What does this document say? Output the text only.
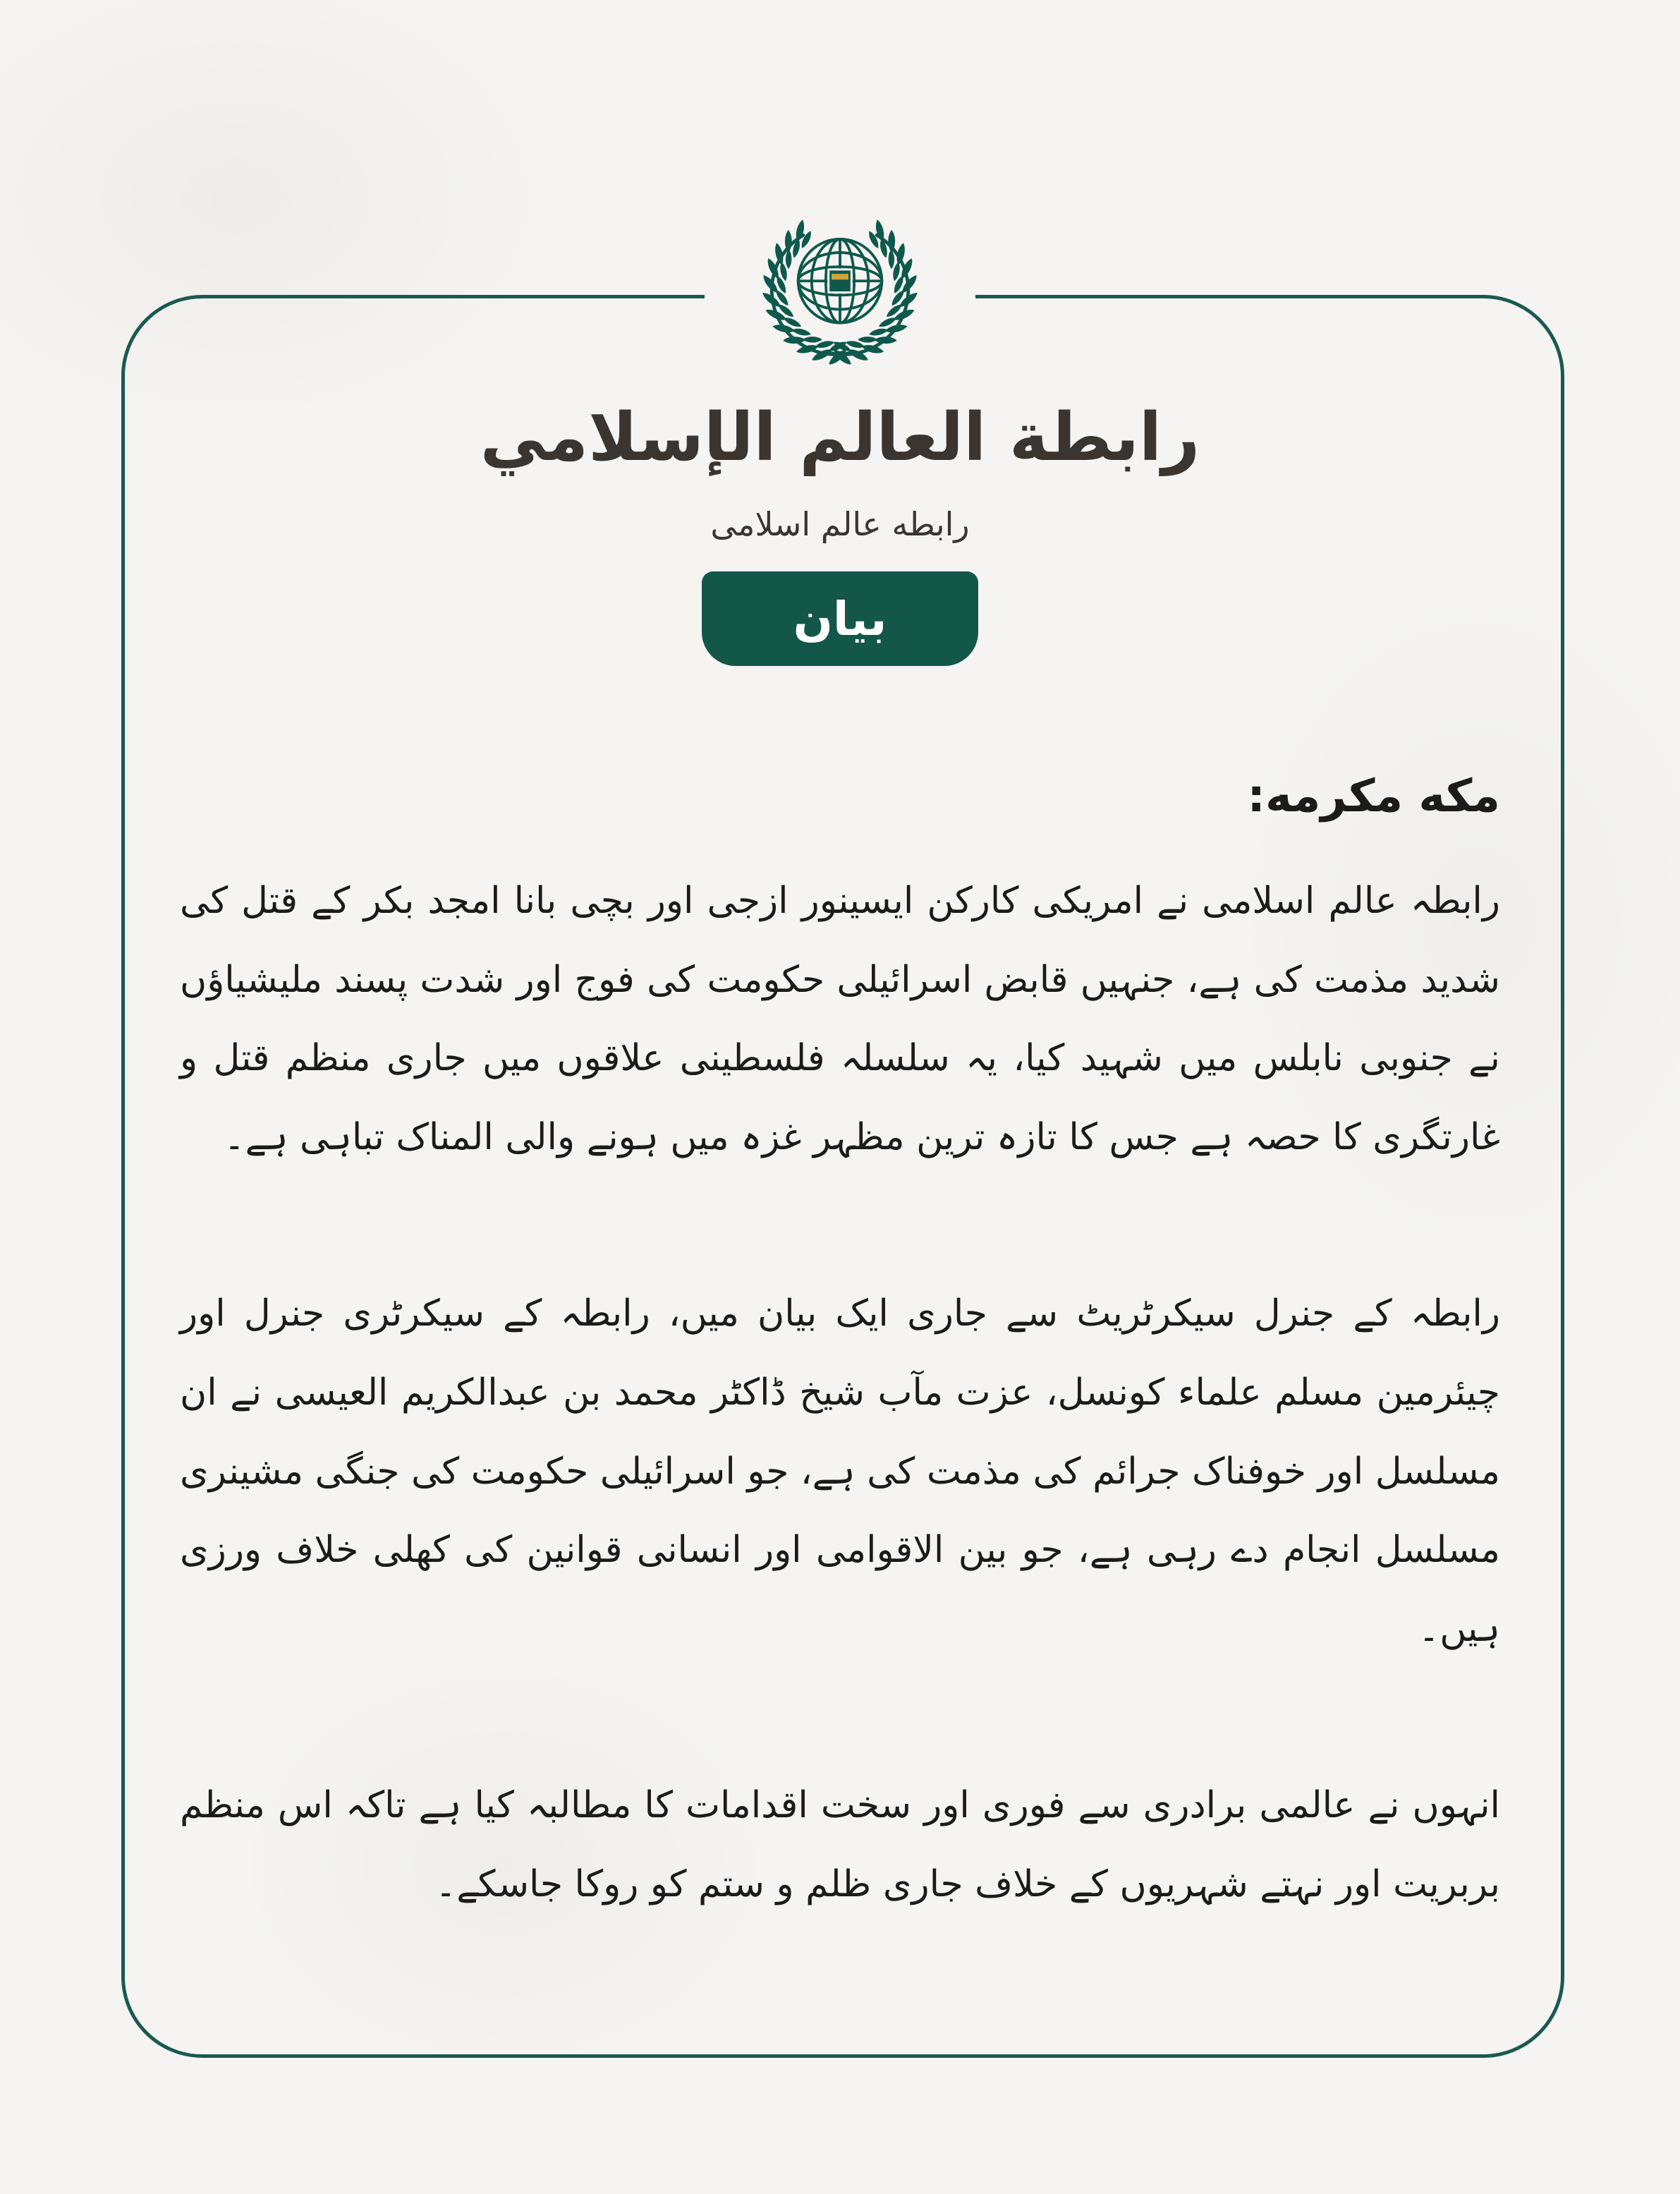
رابطة العالم الإسلامي
رابطه عالم اسلامی
بيان
مكه مكرمه:

رابطہ عالم اسلامی نے امریکی کارکن ایسینور ازجی اور بچی بانا امجد بکر کے قتل کی شدید مذمت کی ہے، جنہیں قابض اسرائیلی حکومت کی فوج اور شدت پسند ملیشیاؤں نے جنوبی نابلس میں شہید کیا، یہ سلسلہ فلسطینی علاقوں میں جاری منظم قتل و غارتگری کا حصہ ہے جس کا تازہ ترین مظہر غزہ میں ہونے والی المناک تباہی ہے۔

رابطہ کے جنرل سیکرٹریٹ سے جاری ایک بیان میں، رابطہ کے سیکرٹری جنرل اور چیئرمین مسلم علماء کونسل، عزت مآب شیخ ڈاکٹر محمد بن عبدالکریم العیسی نے ان مسلسل اور خوفناک جرائم کی مذمت کی ہے، جو اسرائیلی حکومت کی جنگی مشینری مسلسل انجام دے رہی ہے، جو بین الاقوامی اور انسانی قوانین کی کھلی خلاف ورزی ہیں۔

انہوں نے عالمی برادری سے فوری اور سخت اقدامات کا مطالبہ کیا ہے تاکہ اس منظم بربریت اور نہتے شہریوں کے خلاف جاری ظلم و ستم کو روکا جاسکے۔
